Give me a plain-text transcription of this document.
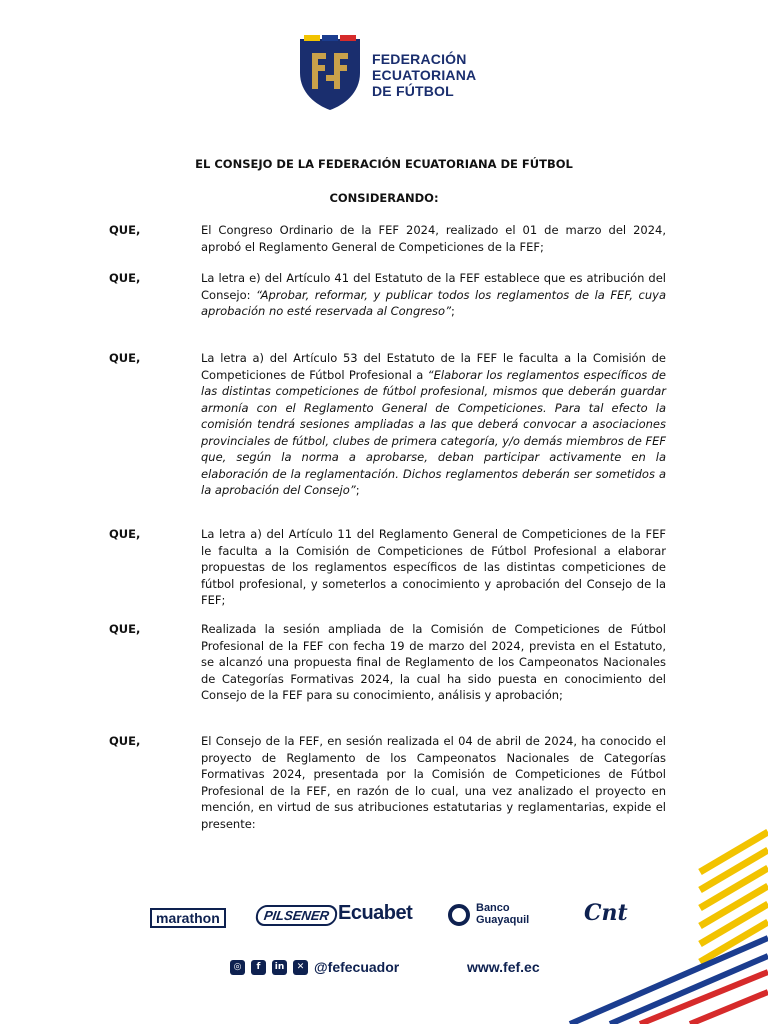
FEDERACIÓN
ECUATORIANA
DE FÚTBOL
EL CONSEJO DE LA FEDERACIÓN ECUATORIANA DE FÚTBOL
CONSIDERANDO:
QUE,	El Congreso Ordinario de la FEF 2024, realizado el 01 de marzo del 2024, aprobó el Reglamento General de Competiciones de la FEF;
QUE,	La letra e) del Artículo 41 del Estatuto de la FEF establece que es atribución del Consejo: “Aprobar, reformar, y publicar todos los reglamentos de la FEF, cuya aprobación no esté reservada al Congreso”;
QUE,	La letra a) del Artículo 53 del Estatuto de la FEF le faculta a la Comisión de Competiciones de Fútbol Profesional a “Elaborar los reglamentos específicos de las distintas competiciones de fútbol profesional, mismos que deberán guardar armonía con el Reglamento General de Competiciones. Para tal efecto la comisión tendrá sesiones ampliadas a las que deberá convocar a asociaciones provinciales de fútbol, clubes de primera categoría, y/o demás miembros de FEF que, según la norma a aprobarse, deban participar activamente en la elaboración de la reglamentación. Dichos reglamentos deberán ser sometidos a la aprobación del Consejo”;
QUE,	La letra a) del Artículo 11 del Reglamento General de Competiciones de la FEF le faculta a la Comisión de Competiciones de Fútbol Profesional a elaborar propuestas de los reglamentos específicos de las distintas competiciones de fútbol profesional, y someterlos a conocimiento y aprobación del Consejo de la FEF;
QUE,	Realizada la sesión ampliada de la Comisión de Competiciones de Fútbol Profesional de la FEF con fecha 19 de marzo del 2024, prevista en el Estatuto, se alcanzó una propuesta final de Reglamento de los Campeonatos Nacionales de Categorías Formativas 2024, la cual ha sido puesta en conocimiento del Consejo de la FEF para su conocimiento, análisis y aprobación;
QUE,	El Consejo de la FEF, en sesión realizada el 04 de abril de 2024, ha conocido el proyecto de Reglamento de los Campeonatos Nacionales de Categorías Formativas 2024, presentada por la Comisión de Competiciones de Fútbol Profesional de la FEF, en razón de lo cual, una vez analizado el proyecto en mención, en virtud de sus atribuciones estatutarias y reglamentarias, expide el presente:
marathon	PILSENER Ecuabet	Banco
Guayaquil Cnt
◎	f	in	✕ @fefecuador	www.fef.ec
